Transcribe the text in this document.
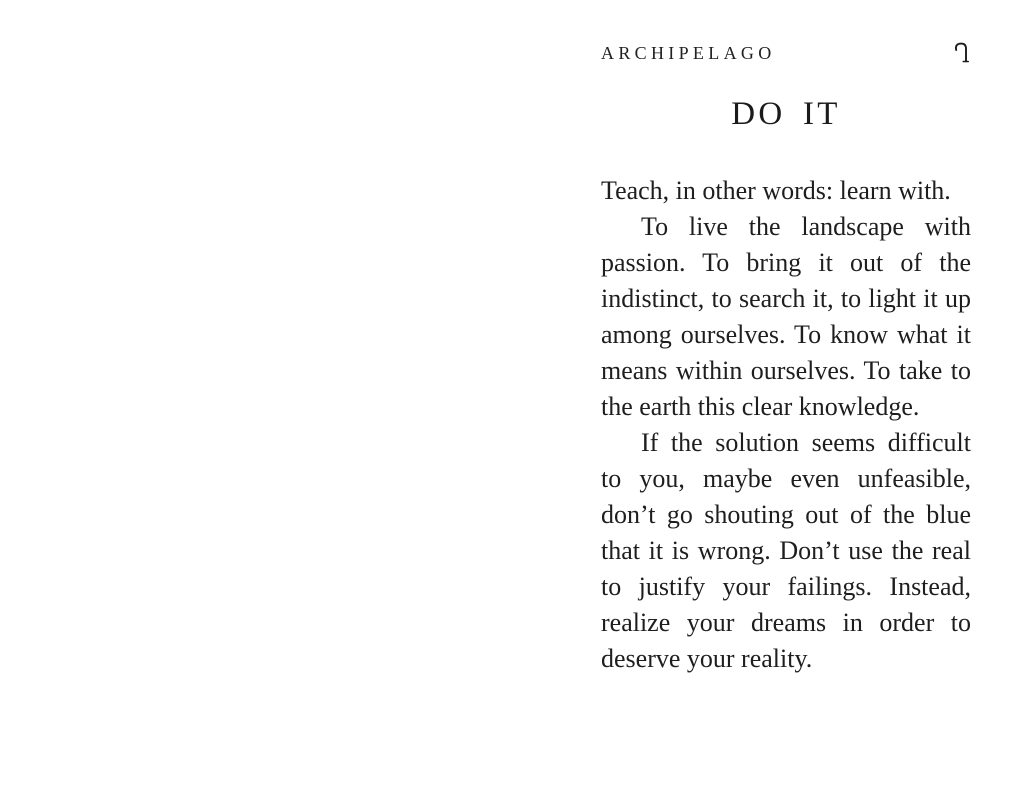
ARCHIPELAGO
DO IT

Teach, in other words: learn with.

To live the landscape with passion. To bring it out of the indistinct, to search it, to light it up among ourselves. To know what it means within ourselves. To take to the earth this clear knowledge.

If the solution seems difficult to you, maybe even unfeasible, don’t go shouting out of the blue that it is wrong. Don’t use the real to justify your failings. Instead, realize your dreams in order to deserve your reality.
